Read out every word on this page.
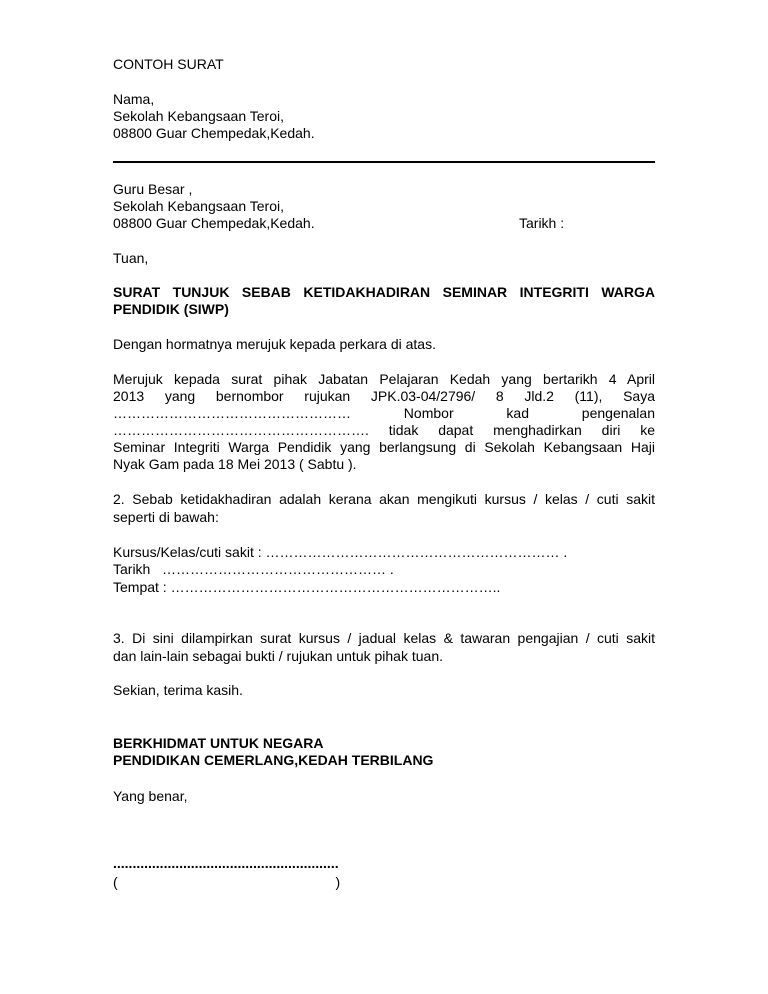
CONTOH SURAT
Nama,
Sekolah Kebangsaan Teroi,
08800 Guar Chempedak,Kedah.
Guru Besar ,
Sekolah Kebangsaan Teroi,
08800 Guar Chempedak,Kedah.	Tarikh :
Tuan,
SURAT TUNJUK SEBAB KETIDAKHADIRAN SEMINAR INTEGRITI WARGA
PENDIDIK (SIWP)
Dengan hormatnya merujuk kepada perkara di atas.
Merujuk kepada surat pihak Jabatan Pelajaran Kedah yang bertarikh 4 April
2013 yang bernombor rujukan JPK.03-04/2796/ 8 Jld.2 (11), Saya
…………………………………………… Nombor kad pengenalan
………………………………………………. tidak dapat menghadirkan diri ke
Seminar Integriti Warga Pendidik yang berlangsung di Sekolah Kebangsaan Haji
Nyak Gam pada 18 Mei 2013 ( Sabtu ).
2. Sebab ketidakhadiran adalah kerana akan mengikuti kursus / kelas / cuti sakit
seperti di bawah:
Kursus/Kelas/cuti sakit : ……………………………………………………… .
Tarikh   ………………………………………… .
Tempat : ……………………………………………………………..
3. Di sini dilampirkan surat kursus / jadual kelas & tawaran pengajian / cuti sakit
dan lain-lain sebagai bukti / rujukan untuk pihak tuan.
Sekian, terima kasih.
BERKHIDMAT UNTUK NEGARA
PENDIDIKAN CEMERLANG,KEDAH TERBILANG
Yang benar,
..........................................................
(                                                        )
